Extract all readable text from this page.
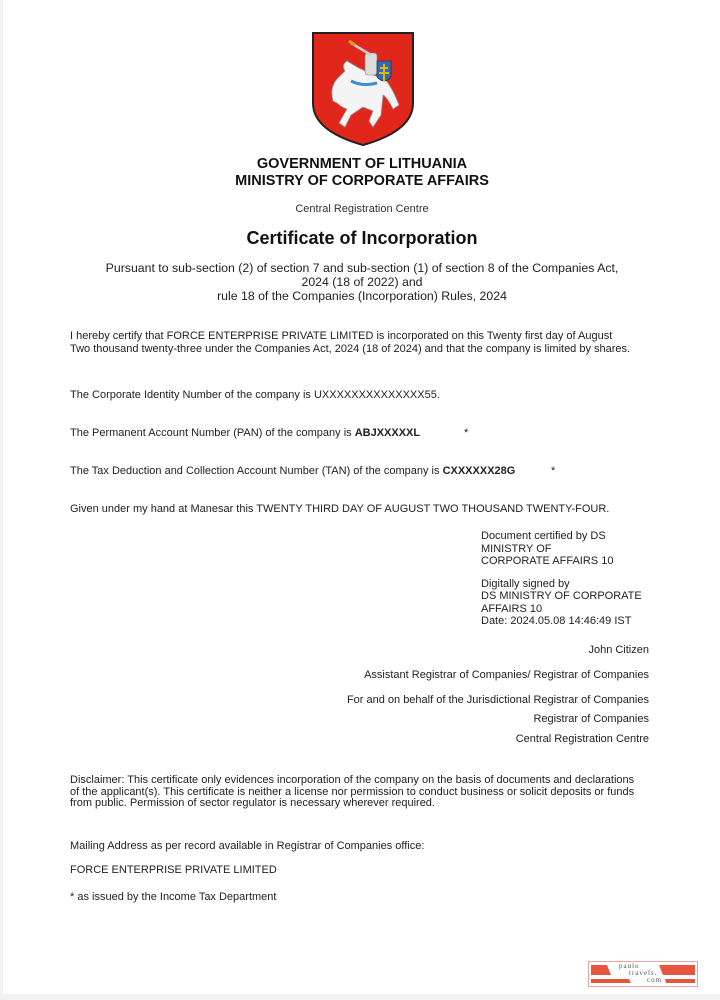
GOVERNMENT OF LITHUANIA
MINISTRY OF CORPORATE AFFAIRS
Central Registration Centre
Certificate of Incorporation
Pursuant to sub-section (2) of section 7 and sub-section (1) of section 8 of the Companies Act,
2024 (18 of 2022) and
rule 18 of the Companies (Incorporation) Rules, 2024
I hereby certify that FORCE ENTERPRISE PRIVATE LIMITED is incorporated on this Twenty first day of August
Two thousand twenty-three under the Companies Act, 2024 (18 of 2024) and that the company is limited by shares.
The Corporate Identity Number of the company is UXXXXXXXXXXXXXX55.
The Permanent Account Number (PAN) of the company is ABJXXXXXL	*
The Tax Deduction and Collection Account Number (TAN) of the company is CXXXXXX28G	*
Given under my hand at Manesar this TWENTY THIRD DAY OF AUGUST TWO THOUSAND TWENTY-FOUR.
Document certified by DS
MINISTRY OF
CORPORATE AFFAIRS 10
Digitally signed by
DS MINISTRY OF CORPORATE
AFFAIRS 10
Date: 2024.05.08 14:46:49 IST
John Citizen
Assistant Registrar of Companies/ Registrar of Companies
For and on behalf of the Jurisdictional Registrar of Companies
Registrar of Companies
Central Registration Centre
Disclaimer: This certificate only evidences incorporation of the company on the basis of documents and declarations
of the applicant(s). This certificate is neither a license nor permission to conduct business or solicit deposits or funds
from public. Permission of sector regulator is necessary wherever required.
Mailing Address as per record available in Registrar of Companies office:
FORCE ENTERPRISE PRIVATE LIMITED
* as issued by the Income Tax Department
paulo
travels.
com
